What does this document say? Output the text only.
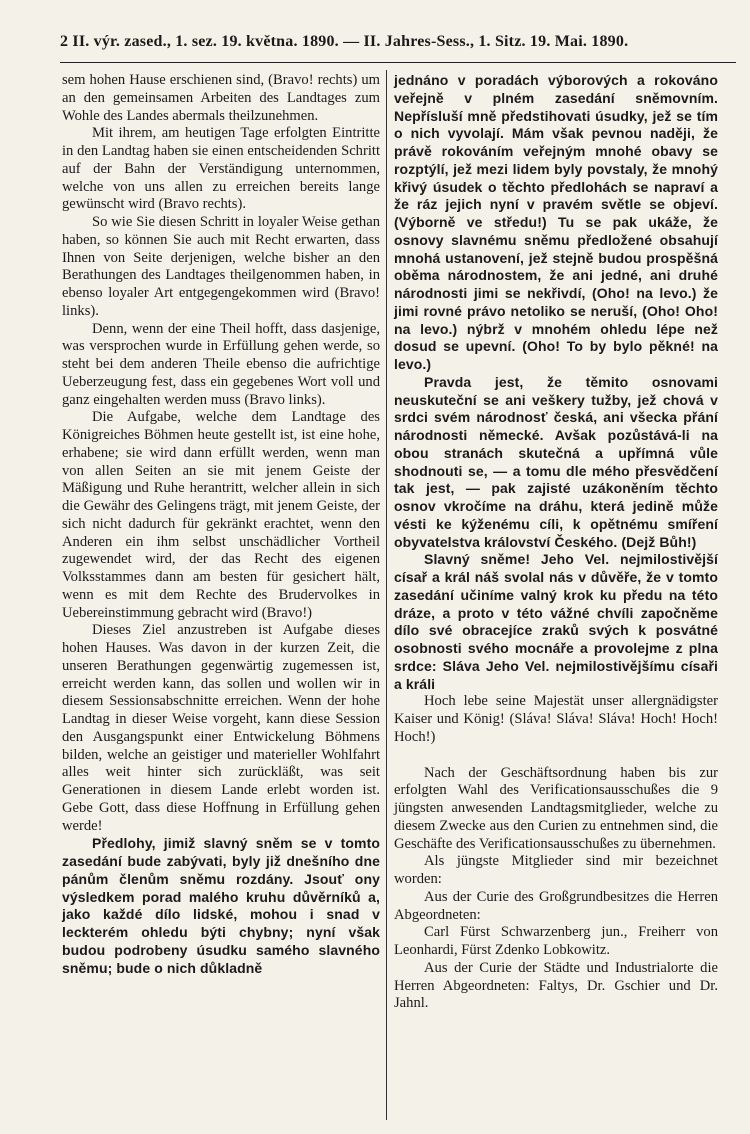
2 II. výr. zased., 1. sez. 19. května. 1890. — II. Jahres-Sess., 1. Sitz. 19. Mai. 1890.

sem hohen Hause erschienen sind, (Bravo! rechts) um an den gemeinsamen Arbeiten des Landtages zum Wohle des Landes abermals theilzunehmen.

Mit ihrem, am heutigen Tage erfolgten Eintritte in den Landtag haben sie einen entscheidenden Schritt auf der Bahn der Verständigung unternommen, welche von uns allen zu erreichen bereits lange gewünscht wird (Bravo rechts).

So wie Sie diesen Schritt in loyaler Weise gethan haben, so können Sie auch mit Recht erwarten, dass Ihnen von Seite derjenigen, welche bisher an den Berathungen des Landtages theilgenommen haben, in ebenso loyaler Art entgegengekommen wird (Bravo! links).

Denn, wenn der eine Theil hofft, dass dasjenige, was versprochen wurde in Erfüllung gehen werde, so steht bei dem anderen Theile ebenso die aufrichtige Ueberzeugung fest, dass ein gegebenes Wort voll und ganz eingehalten werden muss (Bravo links).

Die Aufgabe, welche dem Landtage des Königreiches Böhmen heute gestellt ist, ist eine hohe, erhabene; sie wird dann erfüllt werden, wenn man von allen Seiten an sie mit jenem Geiste der Mäßigung und Ruhe herantritt, welcher allein in sich die Gewähr des Gelingens trägt, mit jenem Geiste, der sich nicht dadurch für gekränkt erachtet, wenn den Anderen ein ihm selbst unschädlicher Vortheil zugewendet wird, der das Recht des eigenen Volksstammes dann am besten für gesichert hält, wenn es mit dem Rechte des Brudervolkes in Uebereinstimmung gebracht wird (Bravo!)

Dieses Ziel anzustreben ist Aufgabe dieses hohen Hauses. Was davon in der kurzen Zeit, die unseren Berathungen gegenwärtig zugemessen ist, erreicht werden kann, das sollen und wollen wir in diesem Sessionsabschnitte erreichen. Wenn der hohe Landtag in dieser Weise vorgeht, kann diese Session den Ausgangspunkt einer Entwickelung Böhmens bilden, welche an geistiger und materieller Wohlfahrt alles weit hinter sich zurückläßt, was seit Generationen in diesem Lande erlebt worden ist. Gebe Gott, dass diese Hoffnung in Erfüllung gehen werde!

Předlohy, jimiž slavný sněm se v tomto zasedání bude zabývati, byly již dnešního dne pánům členům sněmu rozdány. Jsouť ony výsledkem porad malého kruhu důvěrníků a, jako každé dílo lidské, mohou i snad v leckterém ohledu býti chybny; nyní však budou podrobeny úsudku samého slavného sněmu; bude o nich důkladně

jednáno v poradách výborových a rokováno veřejně v plném zasedání sněmovním. Nepřísluší mně předstihovati úsudky, jež se tím o nich vyvolají. Mám však pevnou naději, že právě rokováním veřejným mnohé obavy se rozptýlí, jež mezi lidem byly povstaly, že mnohý křivý úsudek o těchto předlohách se napraví a že ráz jejich nyní v pravém světle se objeví. (Výborně ve středu!) Tu se pak ukáže, že osnovy slavnému sněmu předložené obsahují mnohá ustanovení, jež stejně budou prospěšná oběma národnostem, že ani jedné, ani druhé národnosti jimi se nekřivdí, (Oho! na levo.) že jimi rovné právo netoliko se neruší, (Oho! Oho! na levo.) nýbrž v mnohém ohledu lépe než dosud se upevní. (Oho! To by bylo pěkné! na levo.)

Pravda jest, že těmito osnovami neuskuteční se ani veškery tužby, jež chová v srdci svém národnosť česká, ani všecka přání národnosti německé. Avšak pozůstává-li na obou stranách skutečná a upřímná vůle shodnouti se, — a tomu dle mého přesvědčení tak jest, — pak zajisté uzákoněním těchto osnov vkročíme na dráhu, která jedině může vésti ke kýženému cíli, k opětnému smíření obyvatelstva království Českého. (Dejž Bůh!)

Slavný sněme! Jeho Vel. nejmilostivější císař a král náš svolal nás v důvěře, že v tomto zasedání učiníme valný krok ku předu na této dráze, a proto v této vážné chvíli započněme dílo své obracejíce zraků svých k posvátné osobnosti svého mocnáře a provolejme z plna srdce: Sláva Jeho Vel. nejmilostivějšímu císaři a králi

Hoch lebe seine Majestät unser allergnädigster Kaiser und König! (Sláva! Sláva! Sláva! Hoch! Hoch! Hoch!)

Nach der Geschäftsordnung haben bis zur erfolgten Wahl des Verificationsausschußes die 9 jüngsten anwesenden Landtagsmitglieder, welche zu diesem Zwecke aus den Curien zu entnehmen sind, die Geschäfte des Verificationsausschußes zu übernehmen.

Als jüngste Mitglieder sind mir bezeichnet worden:

Aus der Curie des Großgrundbesitzes die Herren Abgeordneten:

Carl Fürst Schwarzenberg jun., Freiherr von Leonhardi, Fürst Zdenko Lobkowitz.

Aus der Curie der Städte und Industrialorte die Herren Abgeordneten: Faltys, Dr. Gschier und Dr. Jahnl.
